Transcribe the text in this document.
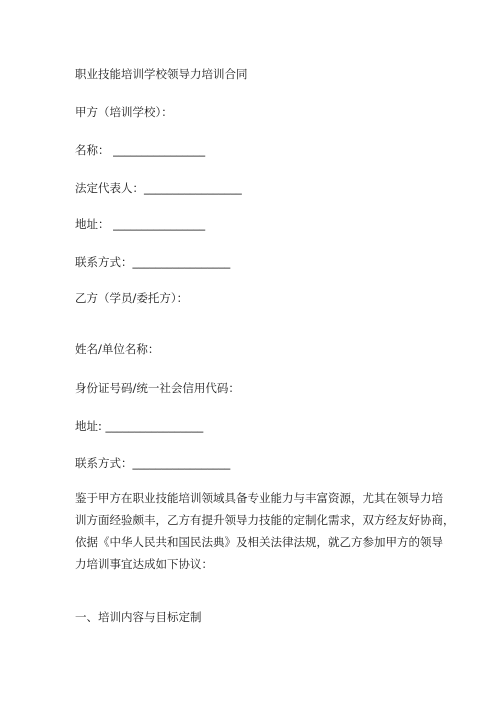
职业技能培训学校领导力培训合同
甲方（培训学校）：
名称： ________________
法定代表人：_________________
地址： ________________
联系方式：_________________
乙方（学员/委托方）：
姓名/单位名称：
身份证号码/统一社会信用代码：
地址: _________________
联系方式：_________________
鉴于甲方在职业技能培训领域具备专业能力与丰富资源，尤其在领导力培
训方面经验颇丰，乙方有提升领导力技能的定制化需求，双方经友好协商，
依据《中华人民共和国民法典》及相关法律法规，就乙方参加甲方的领导
力培训事宜达成如下协议：
一、培训内容与目标定制
